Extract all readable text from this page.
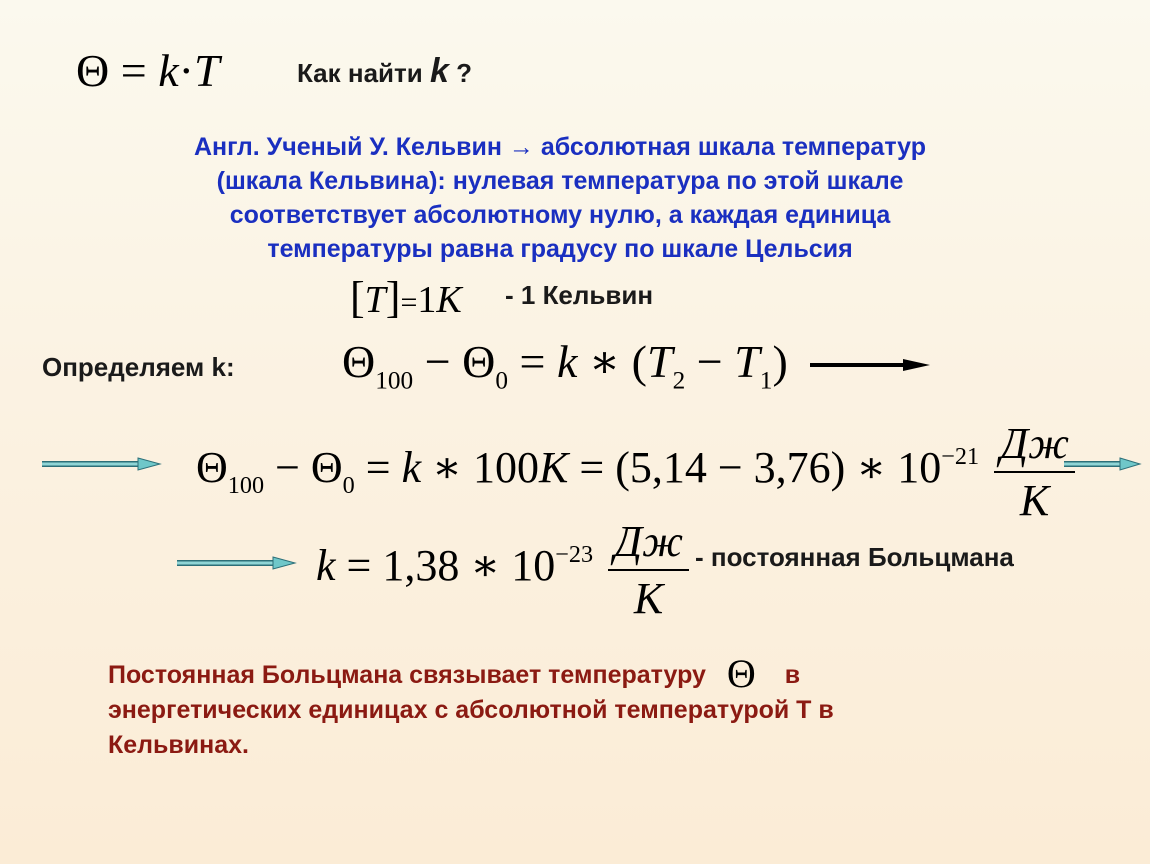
Θ = k·T	Как найти k ?
Англ. Ученый У. Кельвин → абсолютная шкала температур
(шкала Кельвина): нулевая температура по этой шкале
соответствует абсолютному нулю, а каждая единица
температуры равна градусу по шкале Цельсия
[T]=1K - 1 Кельвин
Определяем k: $\Theta_{100} - \Theta_0 = k$ ∗ $(T_2 - T_1)$
$\Theta_{100} - \Theta_0 = k$ ∗ 100K = (5,14 − 3,76) ∗ $10^{-21} \frac{Дж}{K}$
k = 1,38 ∗ $10^{-23} \frac{Дж}{K}$ - постоянная Больцмана
Постоянная Больцмана связывает температуру Θ в
энергетических единицах с абсолютной температурой Т в
Кельвинах.
